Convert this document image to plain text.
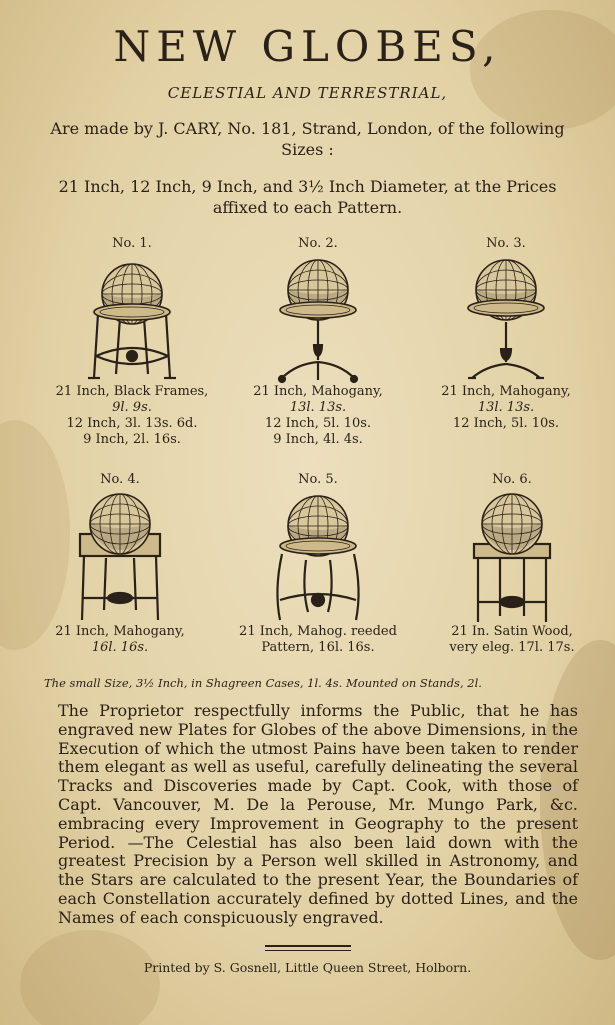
NEW GLOBES,
CELESTIAL AND TERRESTRIAL,
Are made by J. CARY, No. 181, Strand, London, of the following Sizes :
21 Inch, 12 Inch, 9 Inch, and 3½ Inch Diameter, at the Prices affixed to each Pattern.
No. 1.
21 Inch, Black Frames,
9l. 9s.
12 Inch, 3l. 13s. 6d.
9 Inch, 2l. 16s.
No. 2.
21 Inch, Mahogany,
13l. 13s.
12 Inch, 5l. 10s.
9 Inch, 4l. 4s.
No. 3.
21 Inch, Mahogany,
13l. 13s.
12 Inch, 5l. 10s.
No. 4.
21 Inch, Mahogany,
16l. 16s.
No. 5.
21 Inch, Mahog. reeded
Pattern, 16l. 16s.
No. 6.
21 In. Satin Wood,
very eleg. 17l. 17s.
The small Size, 3½ Inch, in Shagreen Cases, 1l. 4s. Mounted on Stands, 2l.
The Proprietor respectfully informs the Public, that he has engraved new Plates for Globes of the above Dimensions, in the Execution of which the utmost Pains have been taken to render them elegant as well as useful, carefully delineating the several Tracks and Discoveries made by Capt. Cook, with those of Capt. Vancouver, M. De la Perouse, Mr. Mungo Park, &c. embracing every Improvement in Geography to the present Period. —The Celestial has also been laid down with the greatest Precision by a Person well skilled in Astronomy, and the Stars are calculated to the present Year, the Boundaries of each Constellation accurately defined by dotted Lines, and the Names of each conspicuously engraved.
Printed by S. Gosnell, Little Queen Street, Holborn.
